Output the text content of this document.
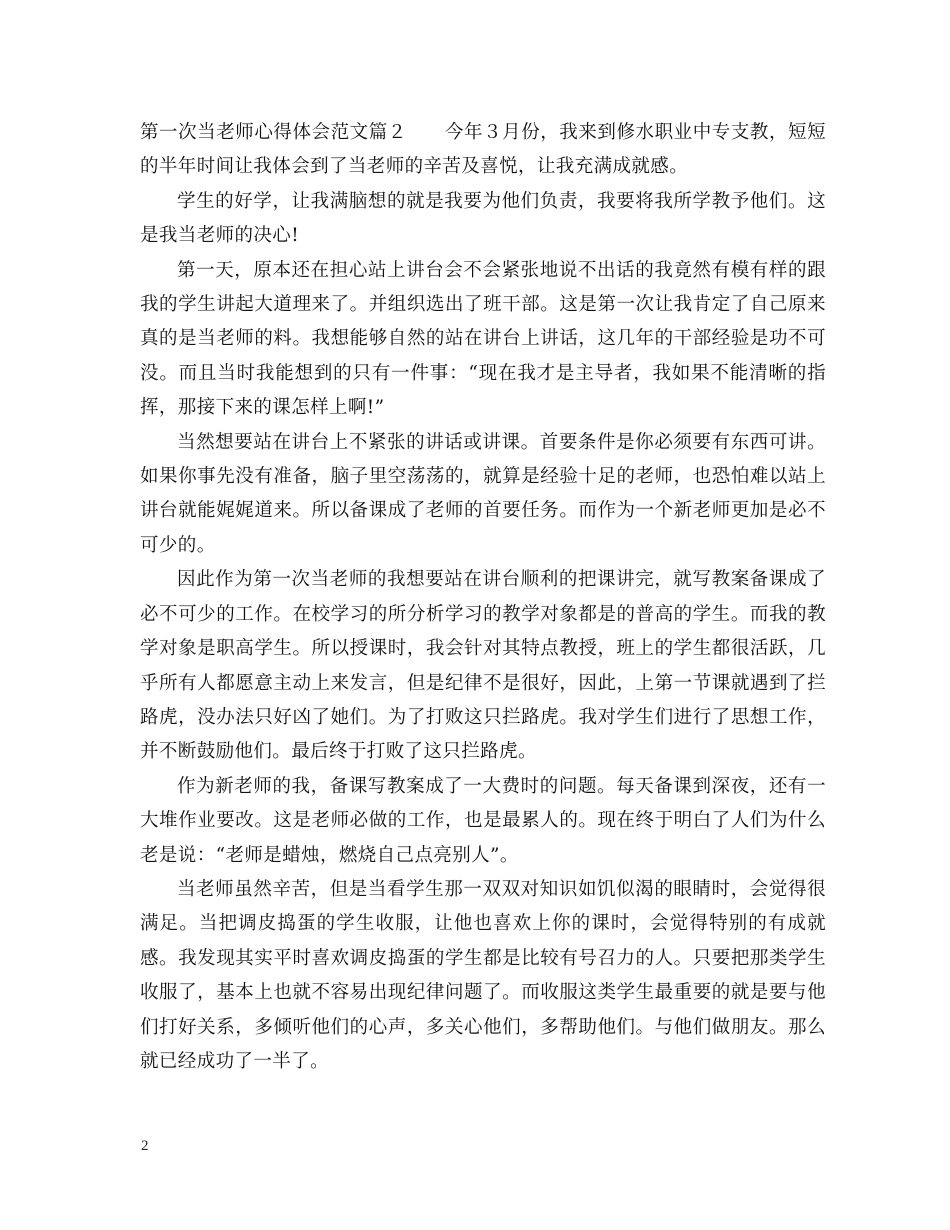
第一次当老师心得体会范文篇２　　 今年３月份，我来到修水职业中专支教，短短的半年时间让我体会到了当老师的辛苦及喜悦，让我充满成就感。

学生的好学，让我满脑想的就是我要为他们负责，我要将我所学教予他们。这是我当老师的决心!

第一天，原本还在担心站上讲台会不会紧张地说不出话的我竟然有模有样的跟我的学生讲起大道理来了。并组织选出了班干部。这是第一次让我肯定了自己原来真的是当老师的料。我想能够自然的站在讲台上讲话，这几年的干部经验是功不可没。而且当时我能想到的只有一件事：“现在我才是主导者，我如果不能清晰的指挥，那接下来的课怎样上啊!”

当然想要站在讲台上不紧张的讲话或讲课。首要条件是你必须要有东西可讲。如果你事先没有准备，脑子里空荡荡的，就算是经验十足的老师，也恐怕难以站上讲台就能娓娓道来。所以备课成了老师的首要任务。而作为一个新老师更加是必不可少的。

因此作为第一次当老师的我想要站在讲台顺利的把课讲完，就写教案备课成了必不可少的工作。在校学习的所分析学习的教学对象都是的普高的学生。而我的教学对象是职高学生。所以授课时，我会针对其特点教授，班上的学生都很活跃，几乎所有人都愿意主动上来发言，但是纪律不是很好，因此，上第一节课就遇到了拦路虎，没办法只好凶了她们。为了打败这只拦路虎。我对学生们进行了思想工作，并不断鼓励他们。最后终于打败了这只拦路虎。

作为新老师的我，备课写教案成了一大费时的问题。每天备课到深夜，还有一大堆作业要改。这是老师必做的工作，也是最累人的。现在终于明白了人们为什么老是说：“老师是蜡烛，燃烧自己点亮别人”。

当老师虽然辛苦，但是当看学生那一双双对知识如饥似渴的眼睛时，会觉得很满足。当把调皮捣蛋的学生收服，让他也喜欢上你的课时，会觉得特别的有成就感。我发现其实平时喜欢调皮捣蛋的学生都是比较有号召力的人。只要把那类学生收服了，基本上也就不容易出现纪律问题了。而收服这类学生最重要的就是要与他们打好关系，多倾听他们的心声，多关心他们，多帮助他们。与他们做朋友。那么就已经成功了一半了。

2
